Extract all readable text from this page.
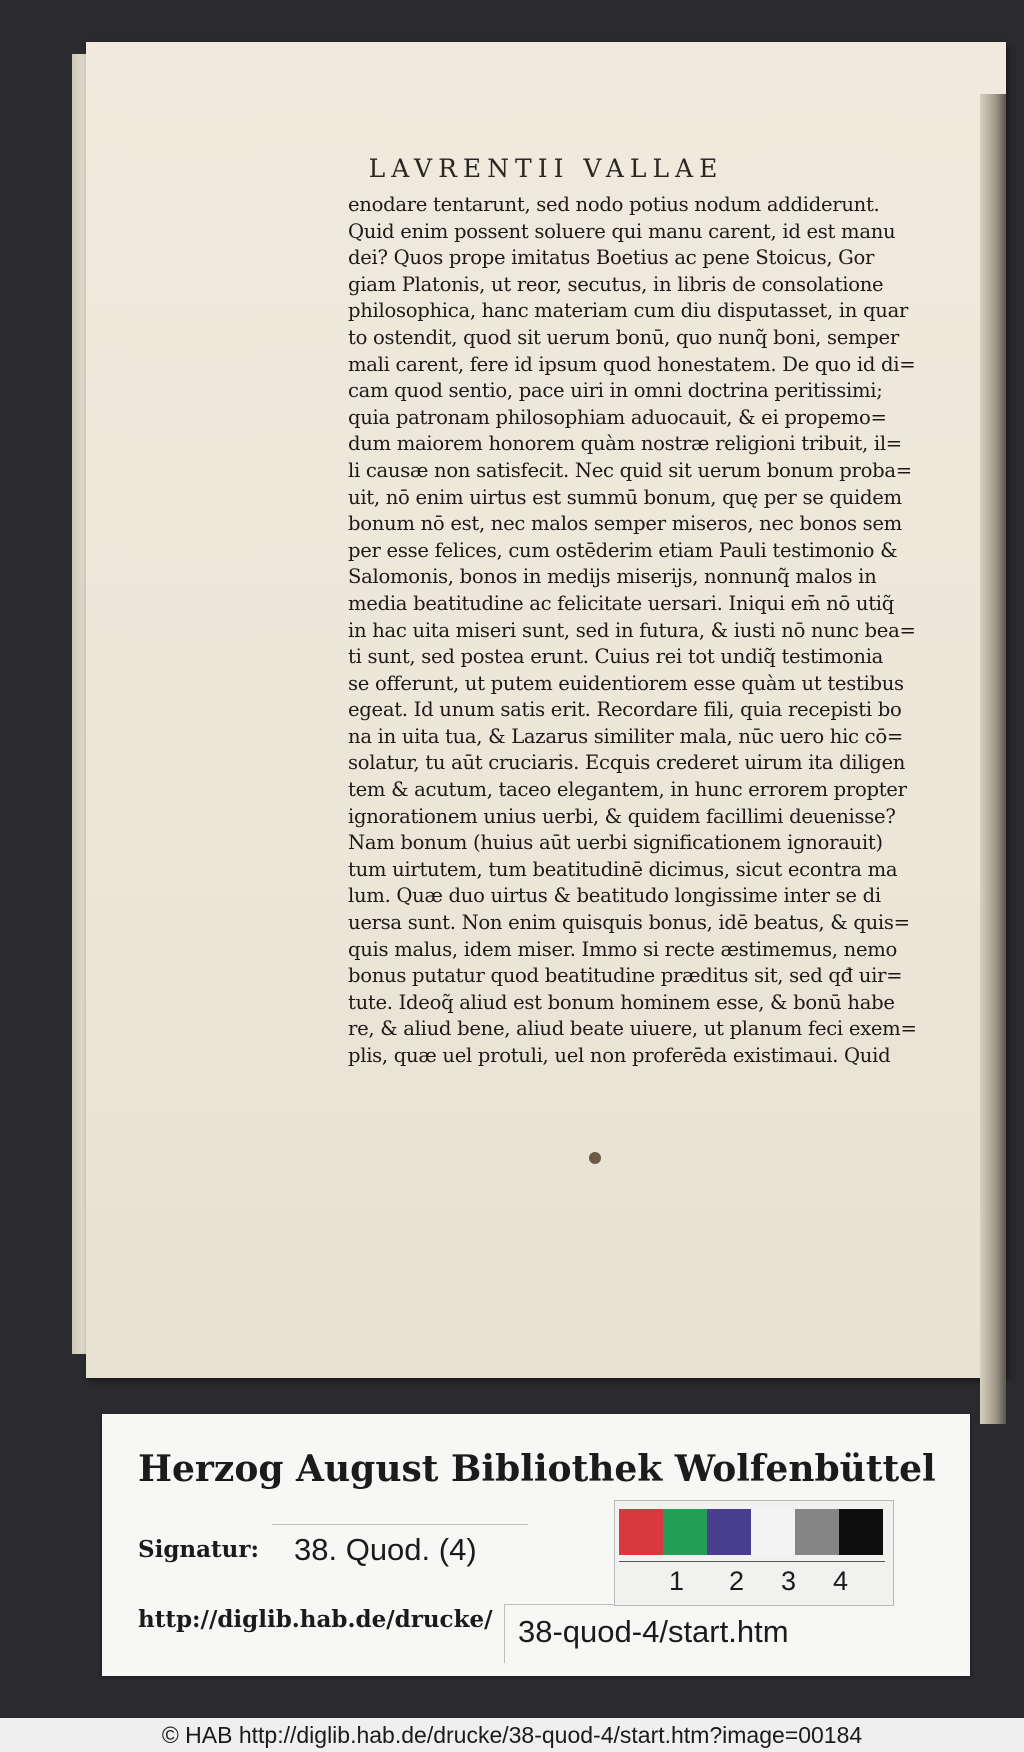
LAVRENTII VALLAE
enodare tentarunt, sed nodo potius nodum addiderunt.
Quid enim possent soluere qui manu carent, id est manu
dei? Quos prope imitatus Boetius ac pene Stoicus, Gor
giam Platonis, ut reor, secutus, in libris de consolatione
philosophica, hanc materiam cum diu disputasset, in quar
to ostendit, quod sit uerum bonū, quo nunq̃ boni, semper
mali carent, fere id ipsum quod honestatem. De quo id di=
cam quod sentio, pace uiri in omni doctrina peritissimi;
quia patronam philosophiam aduocauit, & ei propemo=
dum maiorem honorem quàm nostræ religioni tribuit, il=
li causæ non satisfecit. Nec quid sit uerum bonum proba=
uit, nō enim uirtus est summū bonum, quę per se quidem
bonum nō est, nec malos semper miseros, nec bonos sem
per esse felices, cum ostēderim etiam Pauli testimonio &
Salomonis, bonos in medijs miserijs, nonnunq̃ malos in
media beatitudine ac felicitate uersari. Iniqui em̄ nō utiq̃
in hac uita miseri sunt, sed in futura, & iusti nō nunc bea=
ti sunt, sed postea erunt. Cuius rei tot undiq̃ testimonia
se offerunt, ut putem euidentiorem esse quàm ut testibus
egeat. Id unum satis erit. Recordare fili, quia recepisti bo
na in uita tua, & Lazarus similiter mala, nūc uero hic cō=
solatur, tu aūt cruciaris. Ecquis crederet uirum ita diligen
tem & acutum, taceo elegantem, in hunc errorem propter
ignorationem unius uerbi, & quidem facillimi deuenisse?
Nam bonum (huius aūt uerbi significationem ignorauit)
tum uirtutem, tum beatitudinē dicimus, sicut econtra ma
lum. Quæ duo uirtus & beatitudo longissime inter se di
uersa sunt. Non enim quisquis bonus, idē beatus, & quis=
quis malus, idem miser. Immo si recte æstimemus, nemo
bonus putatur quod beatitudine præditus sit, sed qđ uir=
tute. Ideoq̃ aliud est bonum hominem esse, & bonū habe
re, & aliud bene, aliud beate uiuere, ut planum feci exem=
plis, quæ uel protuli, uel non proferēda existimaui. Quid
Herzog August Bibliothek Wolfenbüttel
Signatur: 38. Quod. (4)
http://diglib.hab.de/drucke/ 38-quod-4/start.htm
1 2 3 4
© HAB http://diglib.hab.de/drucke/38-quod-4/start.htm?image=00184
